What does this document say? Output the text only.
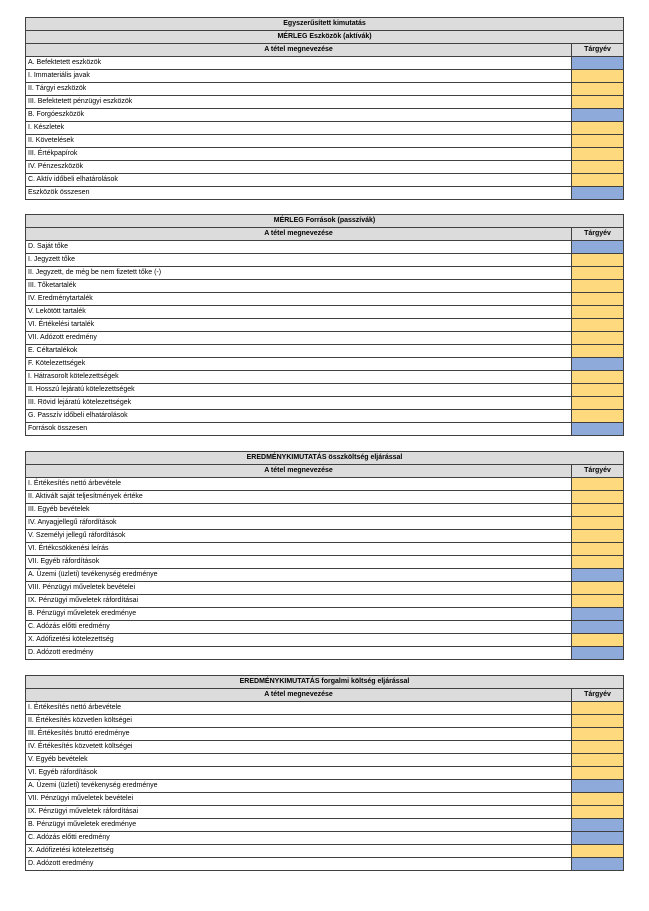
Egyszerűsített kimutatás	
MÉRLEG Eszközök (aktívák)	
A tétel megnevezése	Tárgyév
A. Befektetett eszközök	
I. Immateriális javak	
II. Tárgyi eszközök	
III. Befektetett pénzügyi eszközök	
B. Forgóeszközök	
I. Készletek	
II. Követelések	
III. Értékpapírok	
IV. Pénzeszközök	
C. Aktív időbeli elhatárolások	
Eszközök összesen	
MÉRLEG Források (passzívák)	
A tétel megnevezése	Tárgyév
D. Saját tőke	
I. Jegyzett tőke	
II. Jegyzett, de még be nem fizetett tőke (-)	
III. Tőketartalék	
IV. Eredménytartalék	
V. Lekötött tartalék	
VI. Értékelési tartalék	
VII. Adózott eredmény	
E. Céltartalékok	
F. Kötelezettségek	
I. Hátrasorolt kötelezettségek	
II. Hosszú lejáratú kötelezettségek	
III. Rövid lejáratú kötelezettségek	
G. Passzív időbeli elhatárolások	
Források összesen	
EREDMÉNYKIMUTATÁS összköltség eljárással	
A tétel megnevezése	Tárgyév
I. Értékesítés nettó árbevétele	
II. Aktivált saját teljesítmények értéke	
III. Egyéb bevételek	
IV. Anyagjellegű ráfordítások	
V. Személyi jellegű ráfordítások	
VI. Értékcsökkenési leírás	
VII. Egyéb ráfordítások	
A. Üzemi (üzleti) tevékenység eredménye	
VIII. Pénzügyi műveletek bevételei	
IX. Pénzügyi műveletek ráfordításai	
B. Pénzügyi műveletek eredménye	
C. Adózás előtti eredmény	
X. Adófizetési kötelezettség	
D. Adózott eredmény	
EREDMÉNYKIMUTATÁS forgalmi költség eljárással	
A tétel megnevezése	Tárgyév
I. Értékesítés nettó árbevétele	
II. Értékesítés közvetlen költségei	
III. Értékesítés bruttó eredménye	
IV. Értékesítés közvetett költségei	
V. Egyéb bevételek	
VI. Egyéb ráfordítások	
A. Üzemi (üzleti) tevékenység eredménye	
VII. Pénzügyi műveletek bevételei	
IX. Pénzügyi műveletek ráfordításai	
B. Pénzügyi műveletek eredménye	
C. Adózás előtti eredmény	
X. Adófizetési kötelezettség	
D. Adózott eredmény	
